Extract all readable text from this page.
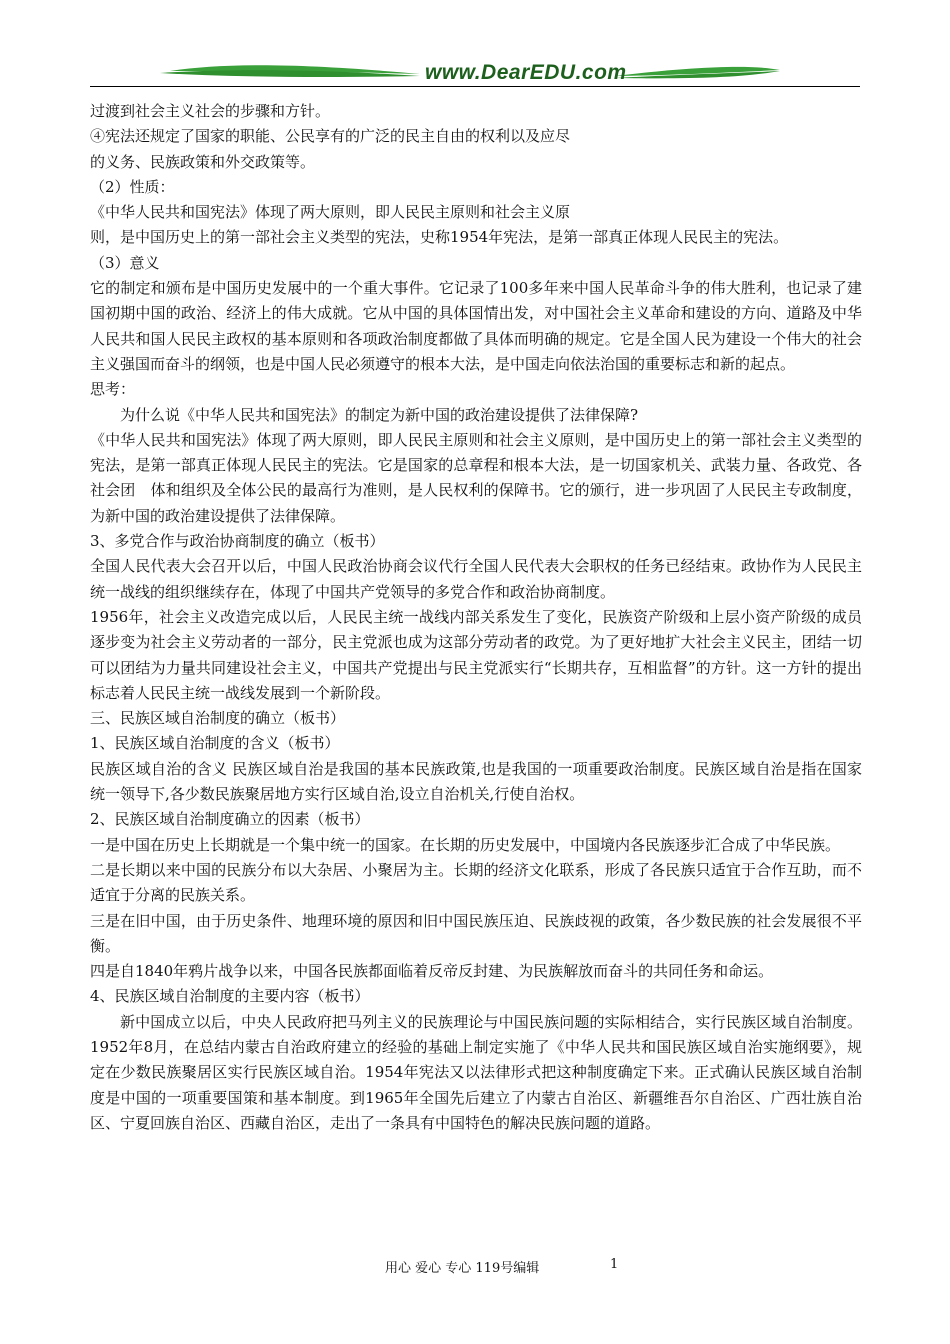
www.DearEDU.com

过渡到社会主义社会的步骤和方针。

④宪法还规定了国家的职能、公民享有的广泛的民主自由的权利以及应尽

的义务、民族政策和外交政策等。

（2）性质：

《中华人民共和国宪法》体现了两大原则，即人民民主原则和社会主义原

则，是中国历史上的第一部社会主义类型的宪法，史称1954年宪法，是第一部真正体现人民民主的宪法。

（3）意义

它的制定和颁布是中国历史发展中的一个重大事件。它记录了100多年来中国人民革命斗争的伟大胜利，也记录了建国初期中国的政治、经济上的伟大成就。它从中国的具体国情出发，对中国社会主义革命和建设的方向、道路及中华人民共和国人民民主政权的基本原则和各项政治制度都做了具体而明确的规定。它是全国人民为建设一个伟大的社会主义强国而奋斗的纲领，也是中国人民必须遵守的根本大法，是中国走向依法治国的重要标志和新的起点。

思考：

为什么说《中华人民共和国宪法》的制定为新中国的政治建设提供了法律保障?

《中华人民共和国宪法》体现了两大原则，即人民民主原则和社会主义原则，是中国历史上的第一部社会主义类型的宪法，是第一部真正体现人民民主的宪法。它是国家的总章程和根本大法，是一切国家机关、武装力量、各政党、各社会团　体和组织及全体公民的最高行为准则，是人民权利的保障书。它的颁行，进一步巩固了人民民主专政制度，为新中国的政治建设提供了法律保障。

3、多党合作与政治协商制度的确立（板书）

全国人民代表大会召开以后，中国人民政治协商会议代行全国人民代表大会职权的任务已经结束。政协作为人民民主统一战线的组织继续存在，体现了中国共产党领导的多党合作和政治协商制度。

1956年，社会主义改造完成以后，人民民主统一战线内部关系发生了变化，民族资产阶级和上层小资产阶级的成员逐步变为社会主义劳动者的一部分，民主党派也成为这部分劳动者的政党。为了更好地扩大社会主义民主，团结一切可以团结为力量共同建设社会主义，中国共产党提出与民主党派实行“长期共存，互相监督”的方针。这一方针的提出标志着人民民主统一战线发展到一个新阶段。

三、民族区域自治制度的确立（板书）

1、民族区域自治制度的含义（板书）

民族区域自治的含义 民族区域自治是我国的基本民族政策,也是我国的一项重要政治制度。民族区域自治是指在国家统一领导下,各少数民族聚居地方实行区域自治,设立自治机关,行使自治权。

2、民族区域自治制度确立的因素（板书）

一是中国在历史上长期就是一个集中统一的国家。在长期的历史发展中，中国境内各民族逐步汇合成了中华民族。

二是长期以来中国的民族分布以大杂居、小聚居为主。长期的经济文化联系，形成了各民族只适宜于合作互助，而不适宜于分离的民族关系。

三是在旧中国，由于历史条件、地理环境的原因和旧中国民族压迫、民族歧视的政策，各少数民族的社会发展很不平衡。

四是自1840年鸦片战争以来，中国各民族都面临着反帝反封建、为民族解放而奋斗的共同任务和命运。

4、民族区域自治制度的主要内容（板书）

新中国成立以后，中央人民政府把马列主义的民族理论与中国民族问题的实际相结合，实行民族区域自治制度。1952年8月，在总结内蒙古自治政府建立的经验的基础上制定实施了《中华人民共和国民族区域自治实施纲要》，规定在少数民族聚居区实行民族区域自治。1954年宪法又以法律形式把这种制度确定下来。正式确认民族区域自治制度是中国的一项重要国策和基本制度。到1965年全国先后建立了内蒙古自治区、新疆维吾尔自治区、广西壮族自治区、宁夏回族自治区、西藏自治区，走出了一条具有中国特色的解决民族问题的道路。

用心 爱心 专心 119号编辑	1
